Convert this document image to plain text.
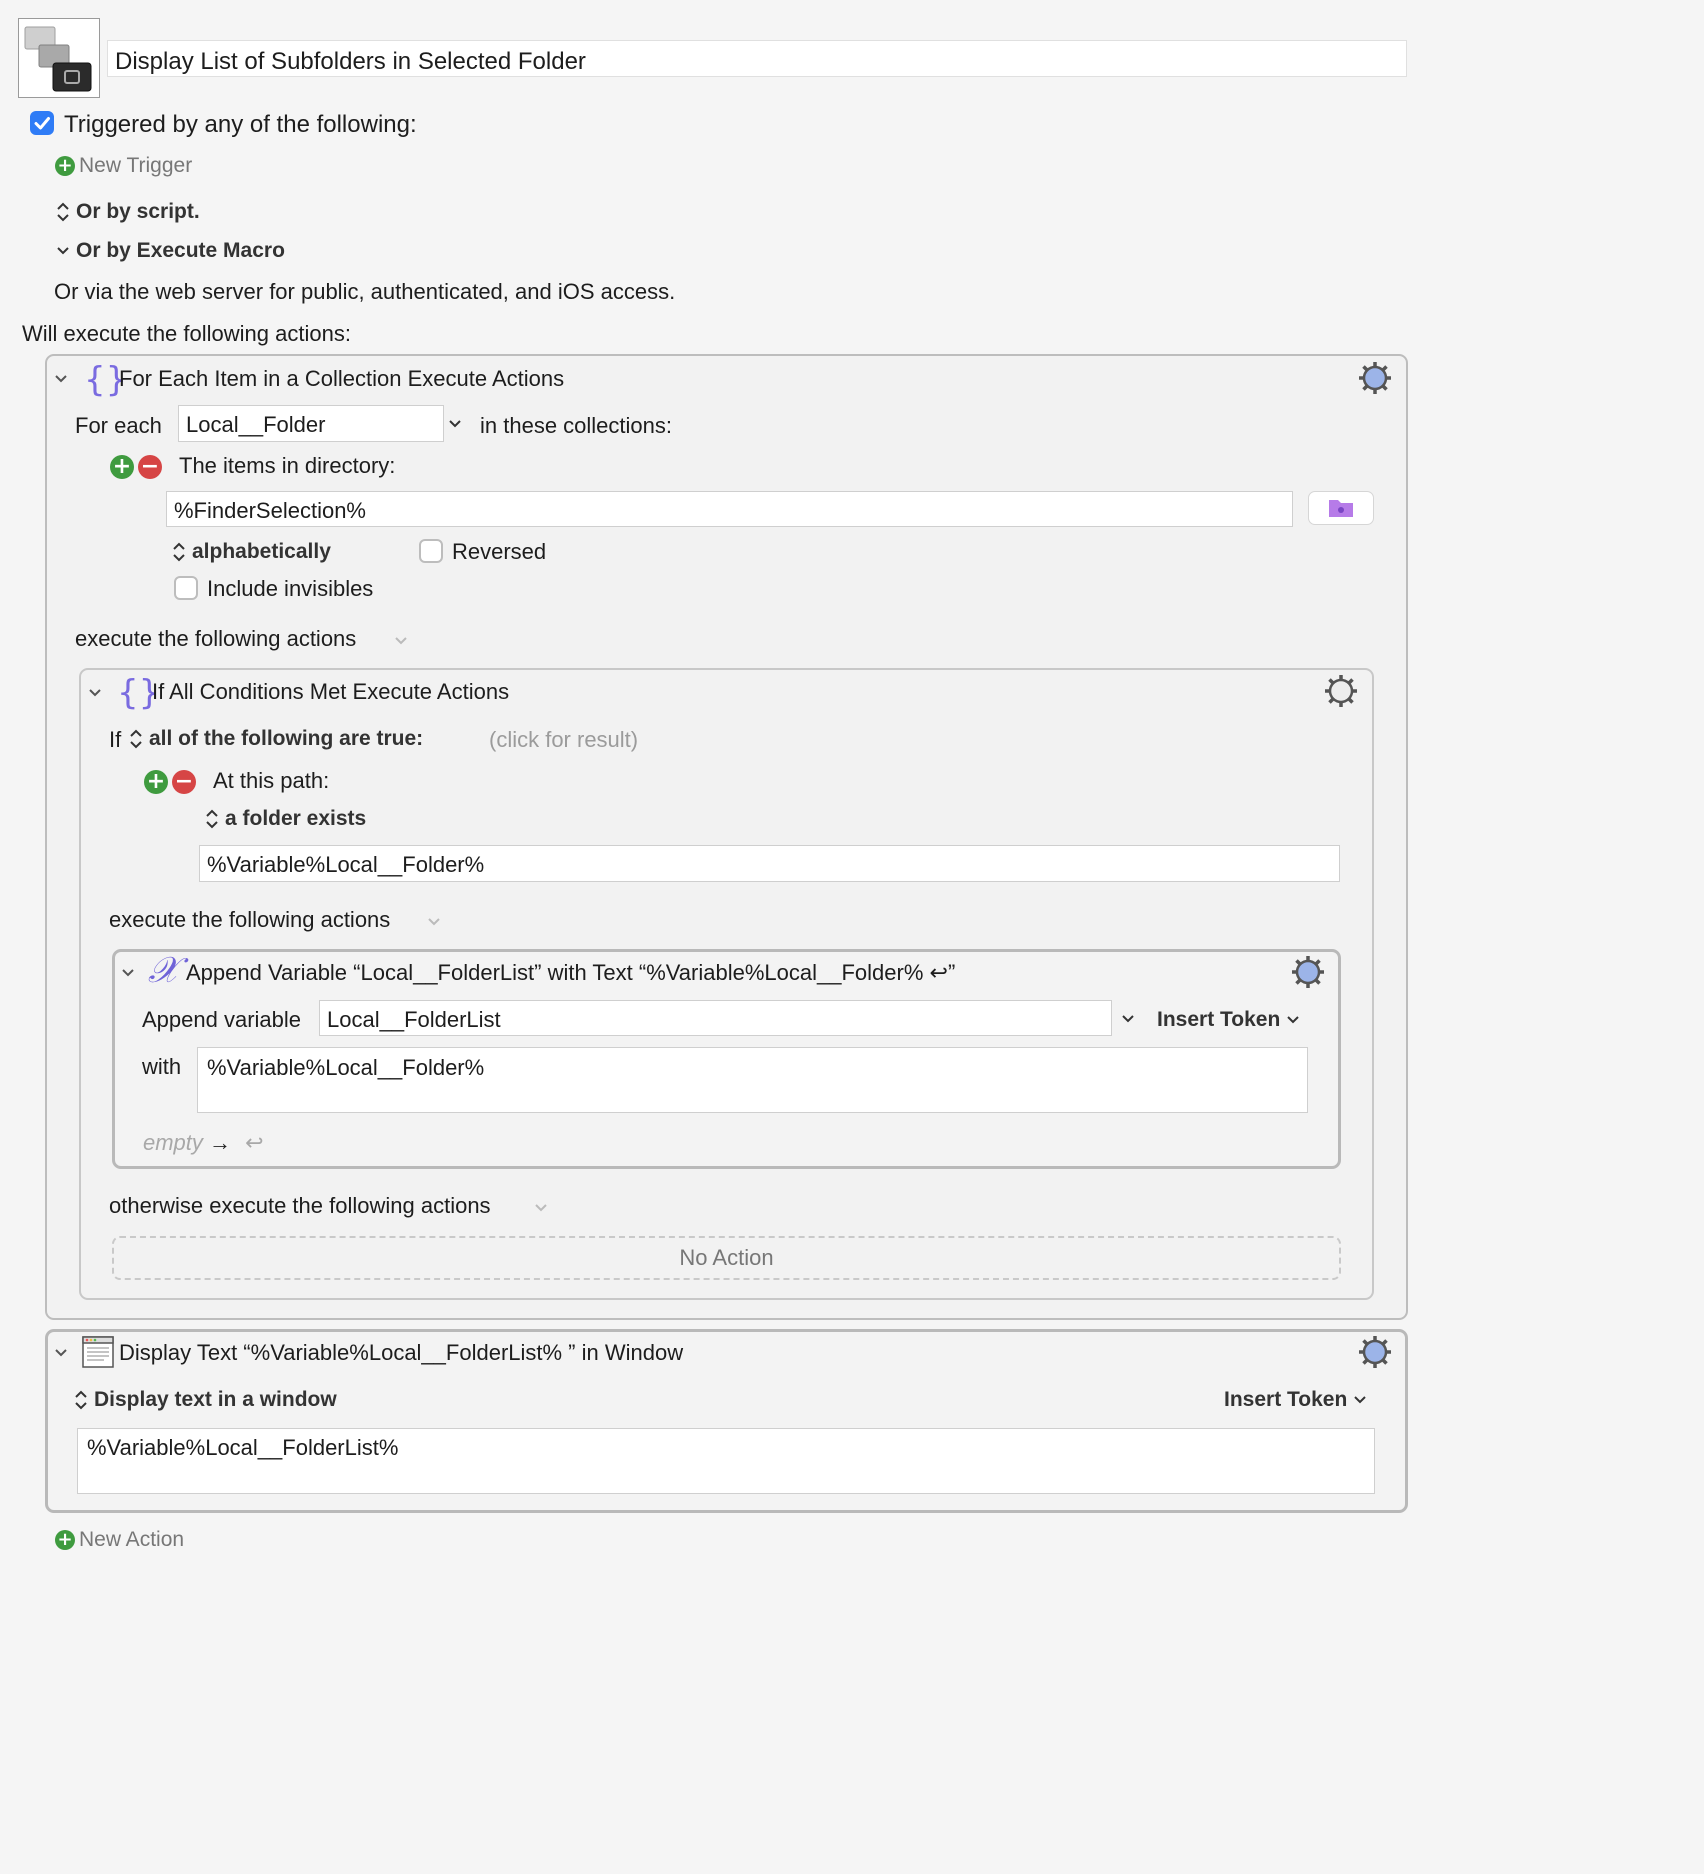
Display List of Subfolders in Selected Folder
Triggered by any of the following:
+ New Trigger
Or by script.
Or by Execute Macro
Or via the web server for public, authenticated, and iOS access.
Will execute the following actions:
{}
For Each Item in a Collection Execute Actions
For each	Local__Folder	in these collections:
+ − The items in directory:
%FinderSelection%
alphabetically	Reversed
Include invisibles
execute the following actions
{}
If All Conditions Met Execute Actions
If	all of the following are true:	(click for result)
+ − At this path:
a folder exists
%Variable%Local__Folder%
execute the following actions
𝒳 Append Variable “Local__FolderList” with Text “%Variable%Local__Folder% ↩”
Append variable	Local__FolderList	Insert Token
with	%Variable%Local__Folder%
empty → ↩
otherwise execute the following actions
No Action
Display Text “%Variable%Local__FolderList% ” in Window
Display text in a window	Insert Token
%Variable%Local__FolderList%
+ New Action
